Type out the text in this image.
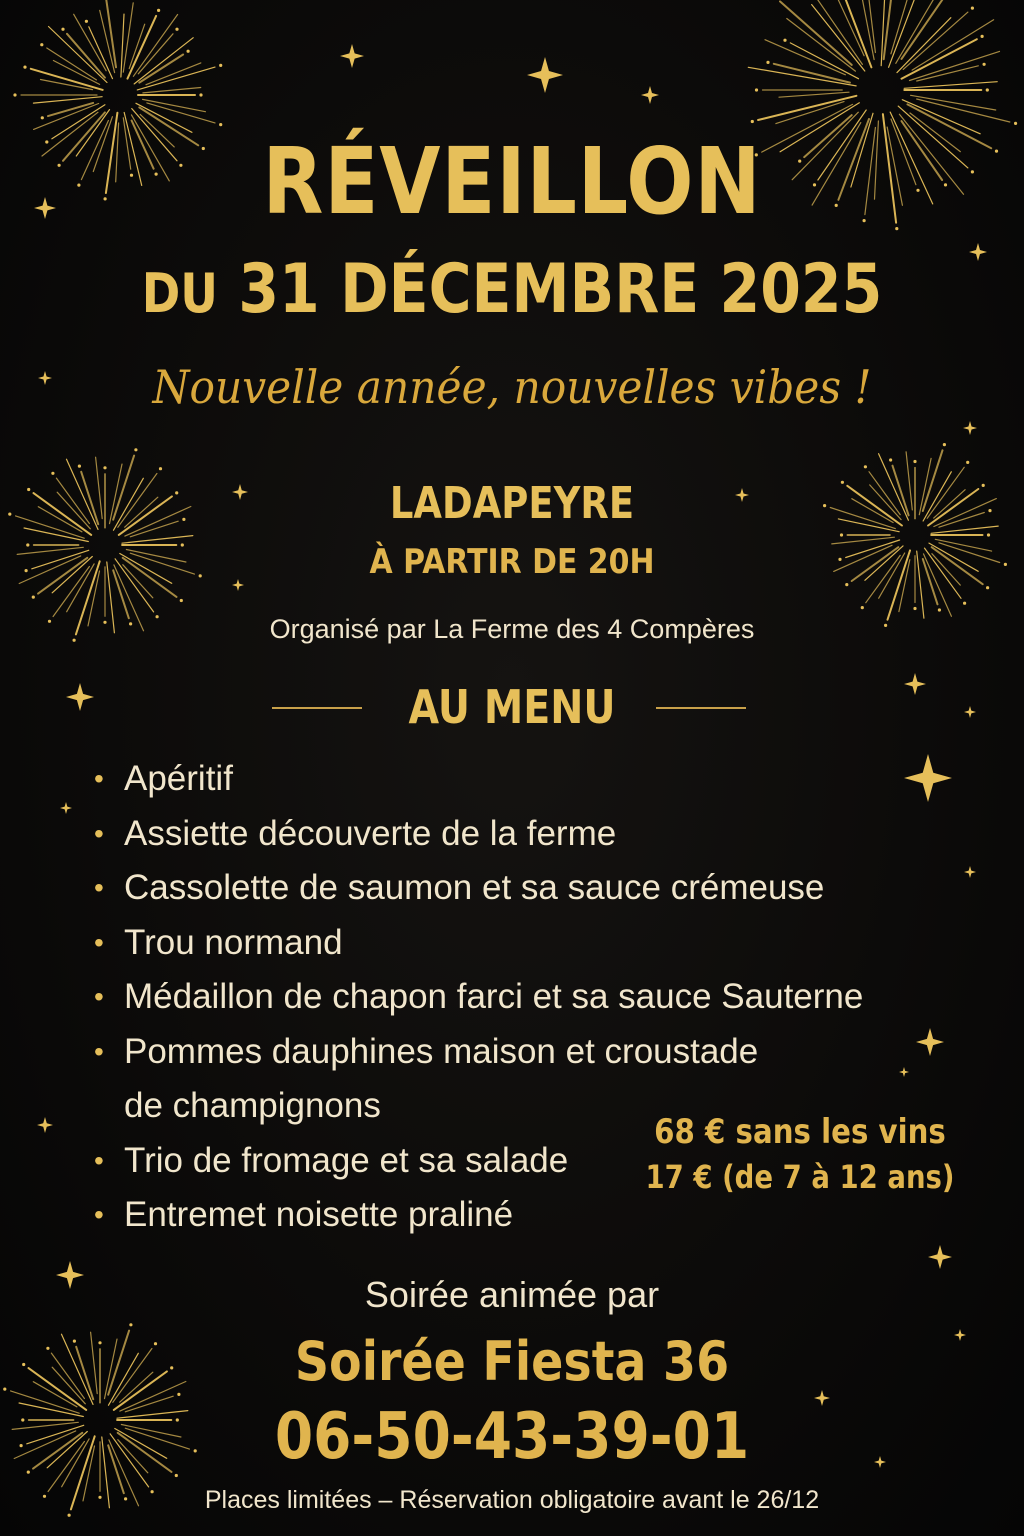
RÉVEILLON
DU 31 DÉCEMBRE 2025
Nouvelle année, nouvelles vibes !
LADAPEYRE
À PARTIR DE 20H
Organisé par La Ferme des 4 Compères
AU MENU
• Apéritif
• Assiette découverte de la ferme
• Cassolette de saumon et sa sauce crémeuse
• Trou normand
• Médaillon de chapon farci et sa sauce Sauterne
• Pommes dauphines maison et croustade
de champignons
• Trio de fromage et sa salade
• Entremet noisette praliné
68 € sans les vins
17 € (de 7 à 12 ans)
Soirée animée par
Soirée Fiesta 36
06-50-43-39-01
Places limitées – Réservation obligatoire avant le 26/12
